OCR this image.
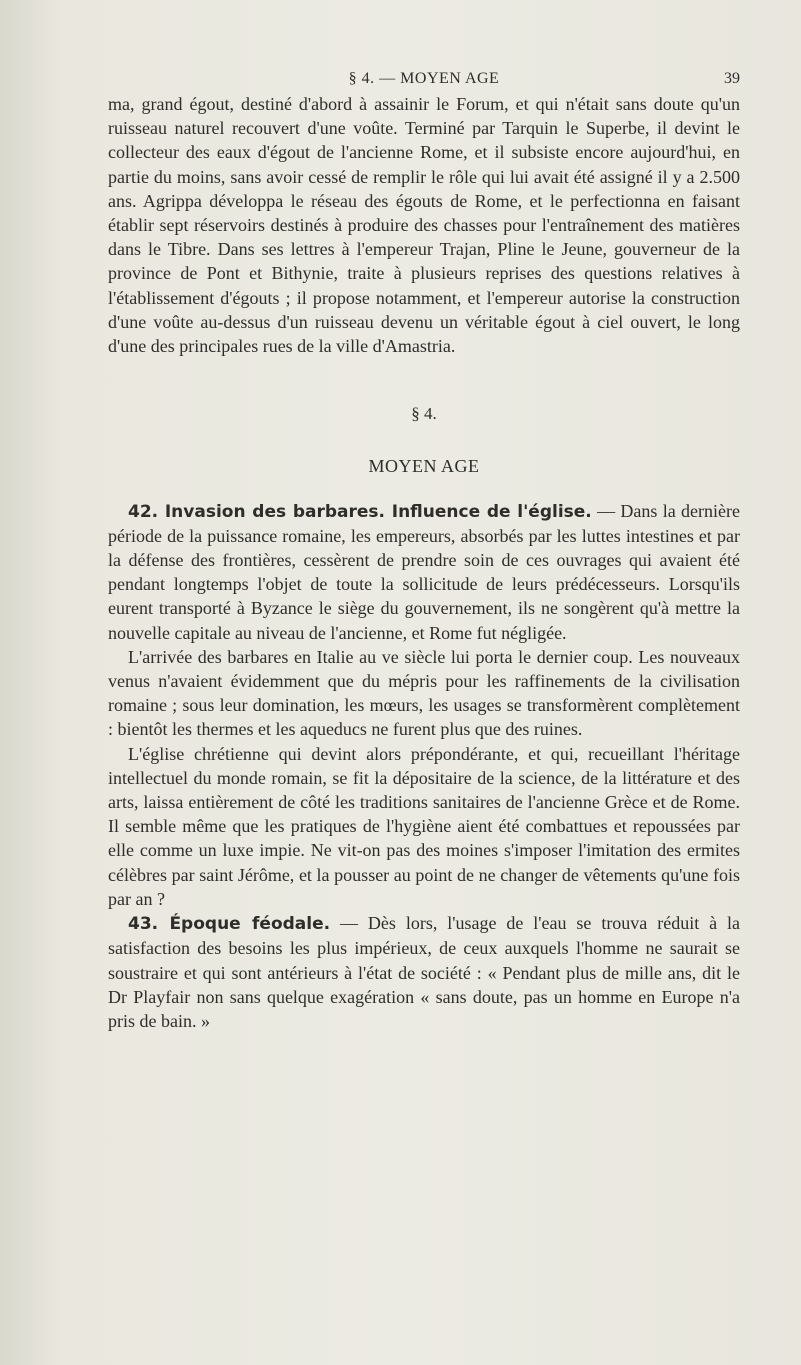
§ 4. — MOYEN AGE	39

ma, grand égout, destiné d'abord à assainir le Forum, et qui n'était sans doute qu'un ruisseau naturel recouvert d'une voûte. Terminé par Tarquin le Superbe, il devint le collecteur des eaux d'égout de l'ancienne Rome, et il subsiste encore aujourd'hui, en partie du moins, sans avoir cessé de remplir le rôle qui lui avait été assigné il y a 2.500 ans. Agrippa développa le réseau des égouts de Rome, et le perfectionna en faisant établir sept réservoirs destinés à produire des chasses pour l'entraînement des matières dans le Tibre. Dans ses lettres à l'empereur Trajan, Pline le Jeune, gouverneur de la province de Pont et Bithynie, traite à plusieurs reprises des questions relatives à l'établissement d'égouts ; il propose notamment, et l'empereur autorise la construction d'une voûte au-dessus d'un ruisseau devenu un véritable égout à ciel ouvert, le long d'une des principales rues de la ville d'Amastria.

§ 4.
MOYEN AGE

42. Invasion des barbares. Influence de l'église. — Dans la dernière période de la puissance romaine, les empereurs, absorbés par les luttes intestines et par la défense des frontières, cessèrent de prendre soin de ces ouvrages qui avaient été pendant longtemps l'objet de toute la sollicitude de leurs prédécesseurs. Lorsqu'ils eurent transporté à Byzance le siège du gouvernement, ils ne songèrent qu'à mettre la nouvelle capitale au niveau de l'ancienne, et Rome fut négligée.

L'arrivée des barbares en Italie au ve siècle lui porta le dernier coup. Les nouveaux venus n'avaient évidemment que du mépris pour les raffinements de la civilisation romaine ; sous leur domination, les mœurs, les usages se transformèrent complètement : bientôt les thermes et les aqueducs ne furent plus que des ruines.

L'église chrétienne qui devint alors prépondérante, et qui, recueillant l'héritage intellectuel du monde romain, se fit la dépositaire de la science, de la littérature et des arts, laissa entièrement de côté les traditions sanitaires de l'ancienne Grèce et de Rome. Il semble même que les pratiques de l'hygiène aient été combattues et repoussées par elle comme un luxe impie. Ne vit-on pas des moines s'imposer l'imitation des ermites célèbres par saint Jérôme, et la pousser au point de ne changer de vêtements qu'une fois par an ?

43. Époque féodale. — Dès lors, l'usage de l'eau se trouva réduit à la satisfaction des besoins les plus impérieux, de ceux auxquels l'homme ne saurait se soustraire et qui sont antérieurs à l'état de société : « Pendant plus de mille ans, dit le Dr Playfair non sans quelque exagération « sans doute, pas un homme en Europe n'a pris de bain. »
